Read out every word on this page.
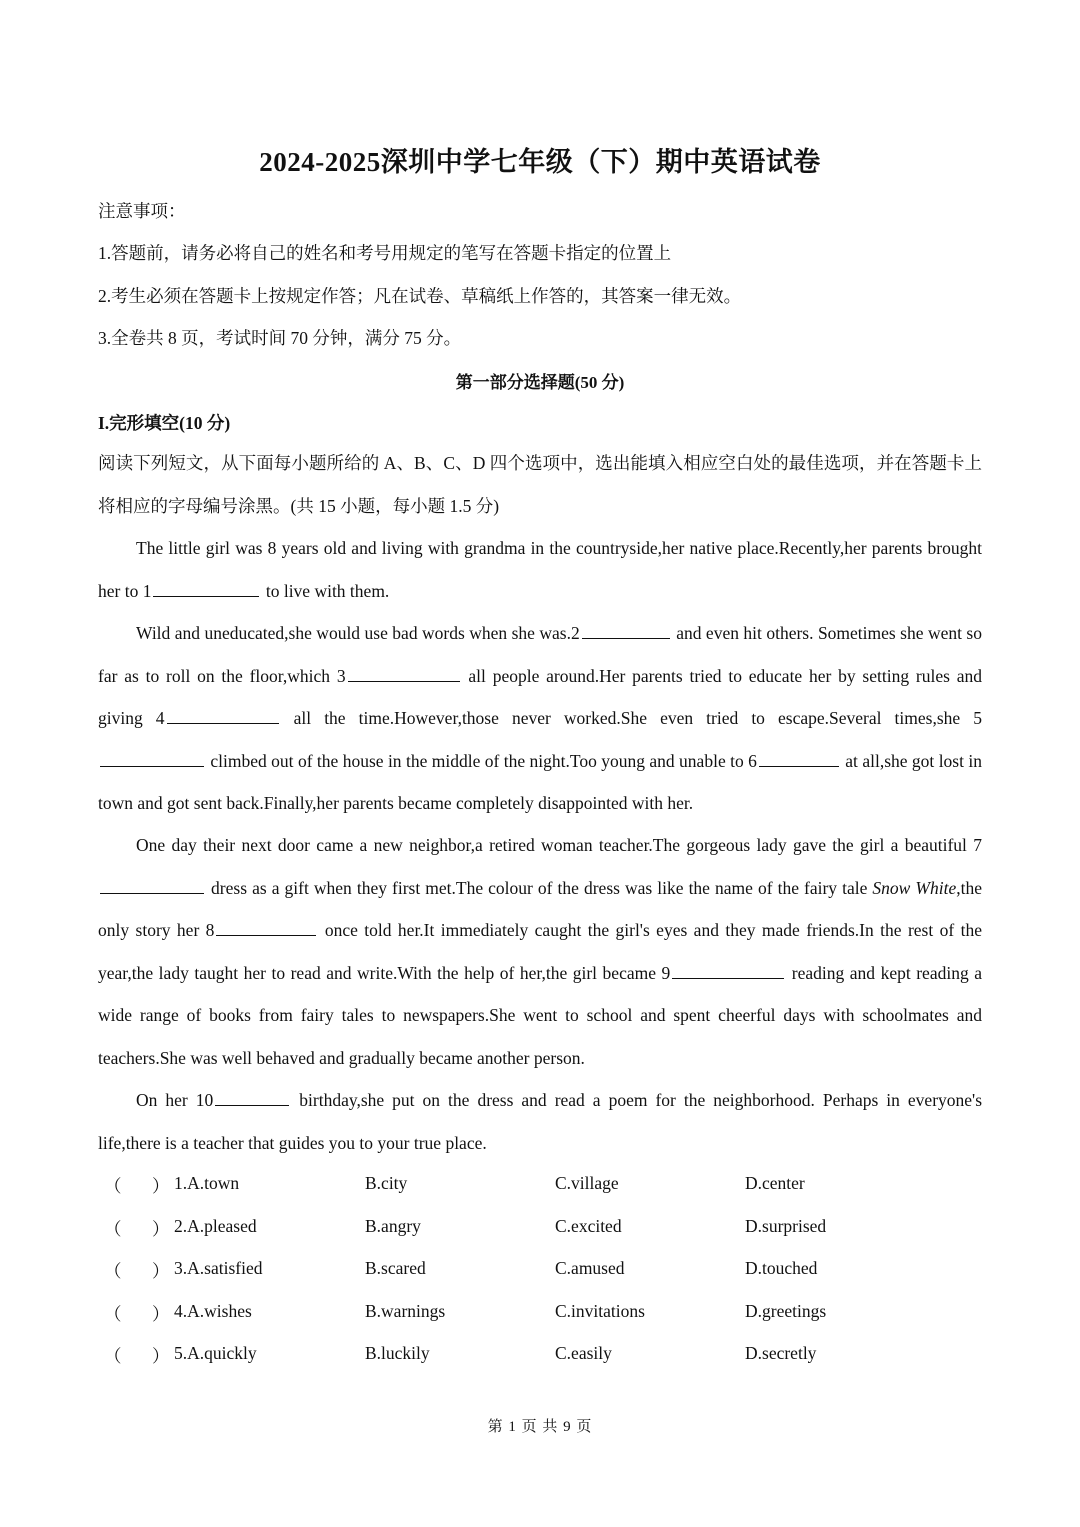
2024-2025深圳中学七年级（下）期中英语试卷
注意事项：
1.答题前，请务必将自己的姓名和考号用规定的笔写在答题卡指定的位置上
2.考生必须在答题卡上按规定作答；凡在试卷、草稿纸上作答的，其答案一律无效。
3.全卷共 8 页，考试时间 70 分钟，满分 75 分。
第一部分选择题(50 分)
I.完形填空(10 分)
阅读下列短文，从下面每小题所给的 A、B、C、D 四个选项中，选出能填入相应空白处的最佳选项，并在答题卡上将相应的字母编号涂黑。(共 15 小题，每小题 1.5 分)
The little girl was 8 years old and living with grandma in the countryside,her native place.Recently,her parents brought her to 1	to live with them.
Wild and uneducated,she would use bad words when she was.2	and even hit others. Sometimes she went so far as to roll on the floor,which 3	all people around.Her parents tried to educate her by setting rules and giving 4	all the time.However,those never worked.She even tried to escape.Several times,she 5 climbed out of the house in the middle of the night.Too young and unable to 6	at all,she got lost in town and got sent back.Finally,her parents became completely disappointed with her.
One day their next door came a new neighbor,a retired woman teacher.The gorgeous lady gave the girl a beautiful 7 dress as a gift when they first met.The colour of the dress was like the name of the fairy tale Snow White,the only story her 8	once told her.It immediately caught the girl's eyes and they made friends.In the rest of the year,the lady taught her to read and write.With the help of her,the girl became 9	reading and kept reading a wide range of books from fairy tales to newspapers.She went to school and spent cheerful days with schoolmates and teachers.She was well behaved and gradually became another person.
On her 10	birthday,she put on the dress and read a poem for the neighborhood. Perhaps in everyone's life,there is a teacher that guides you to your true place.
（ ） 1.A.town	B.city	C.village	D.center
（ ） 2.A.pleased	B.angry	C.excited	D.surprised
（ ） 3.A.satisfied	B.scared	C.amused	D.touched
（ ） 4.A.wishes	B.warnings	C.invitations	D.greetings
（ ） 5.A.quickly	B.luckily	C.easily	D.secretly
第 1 页 共 9 页
